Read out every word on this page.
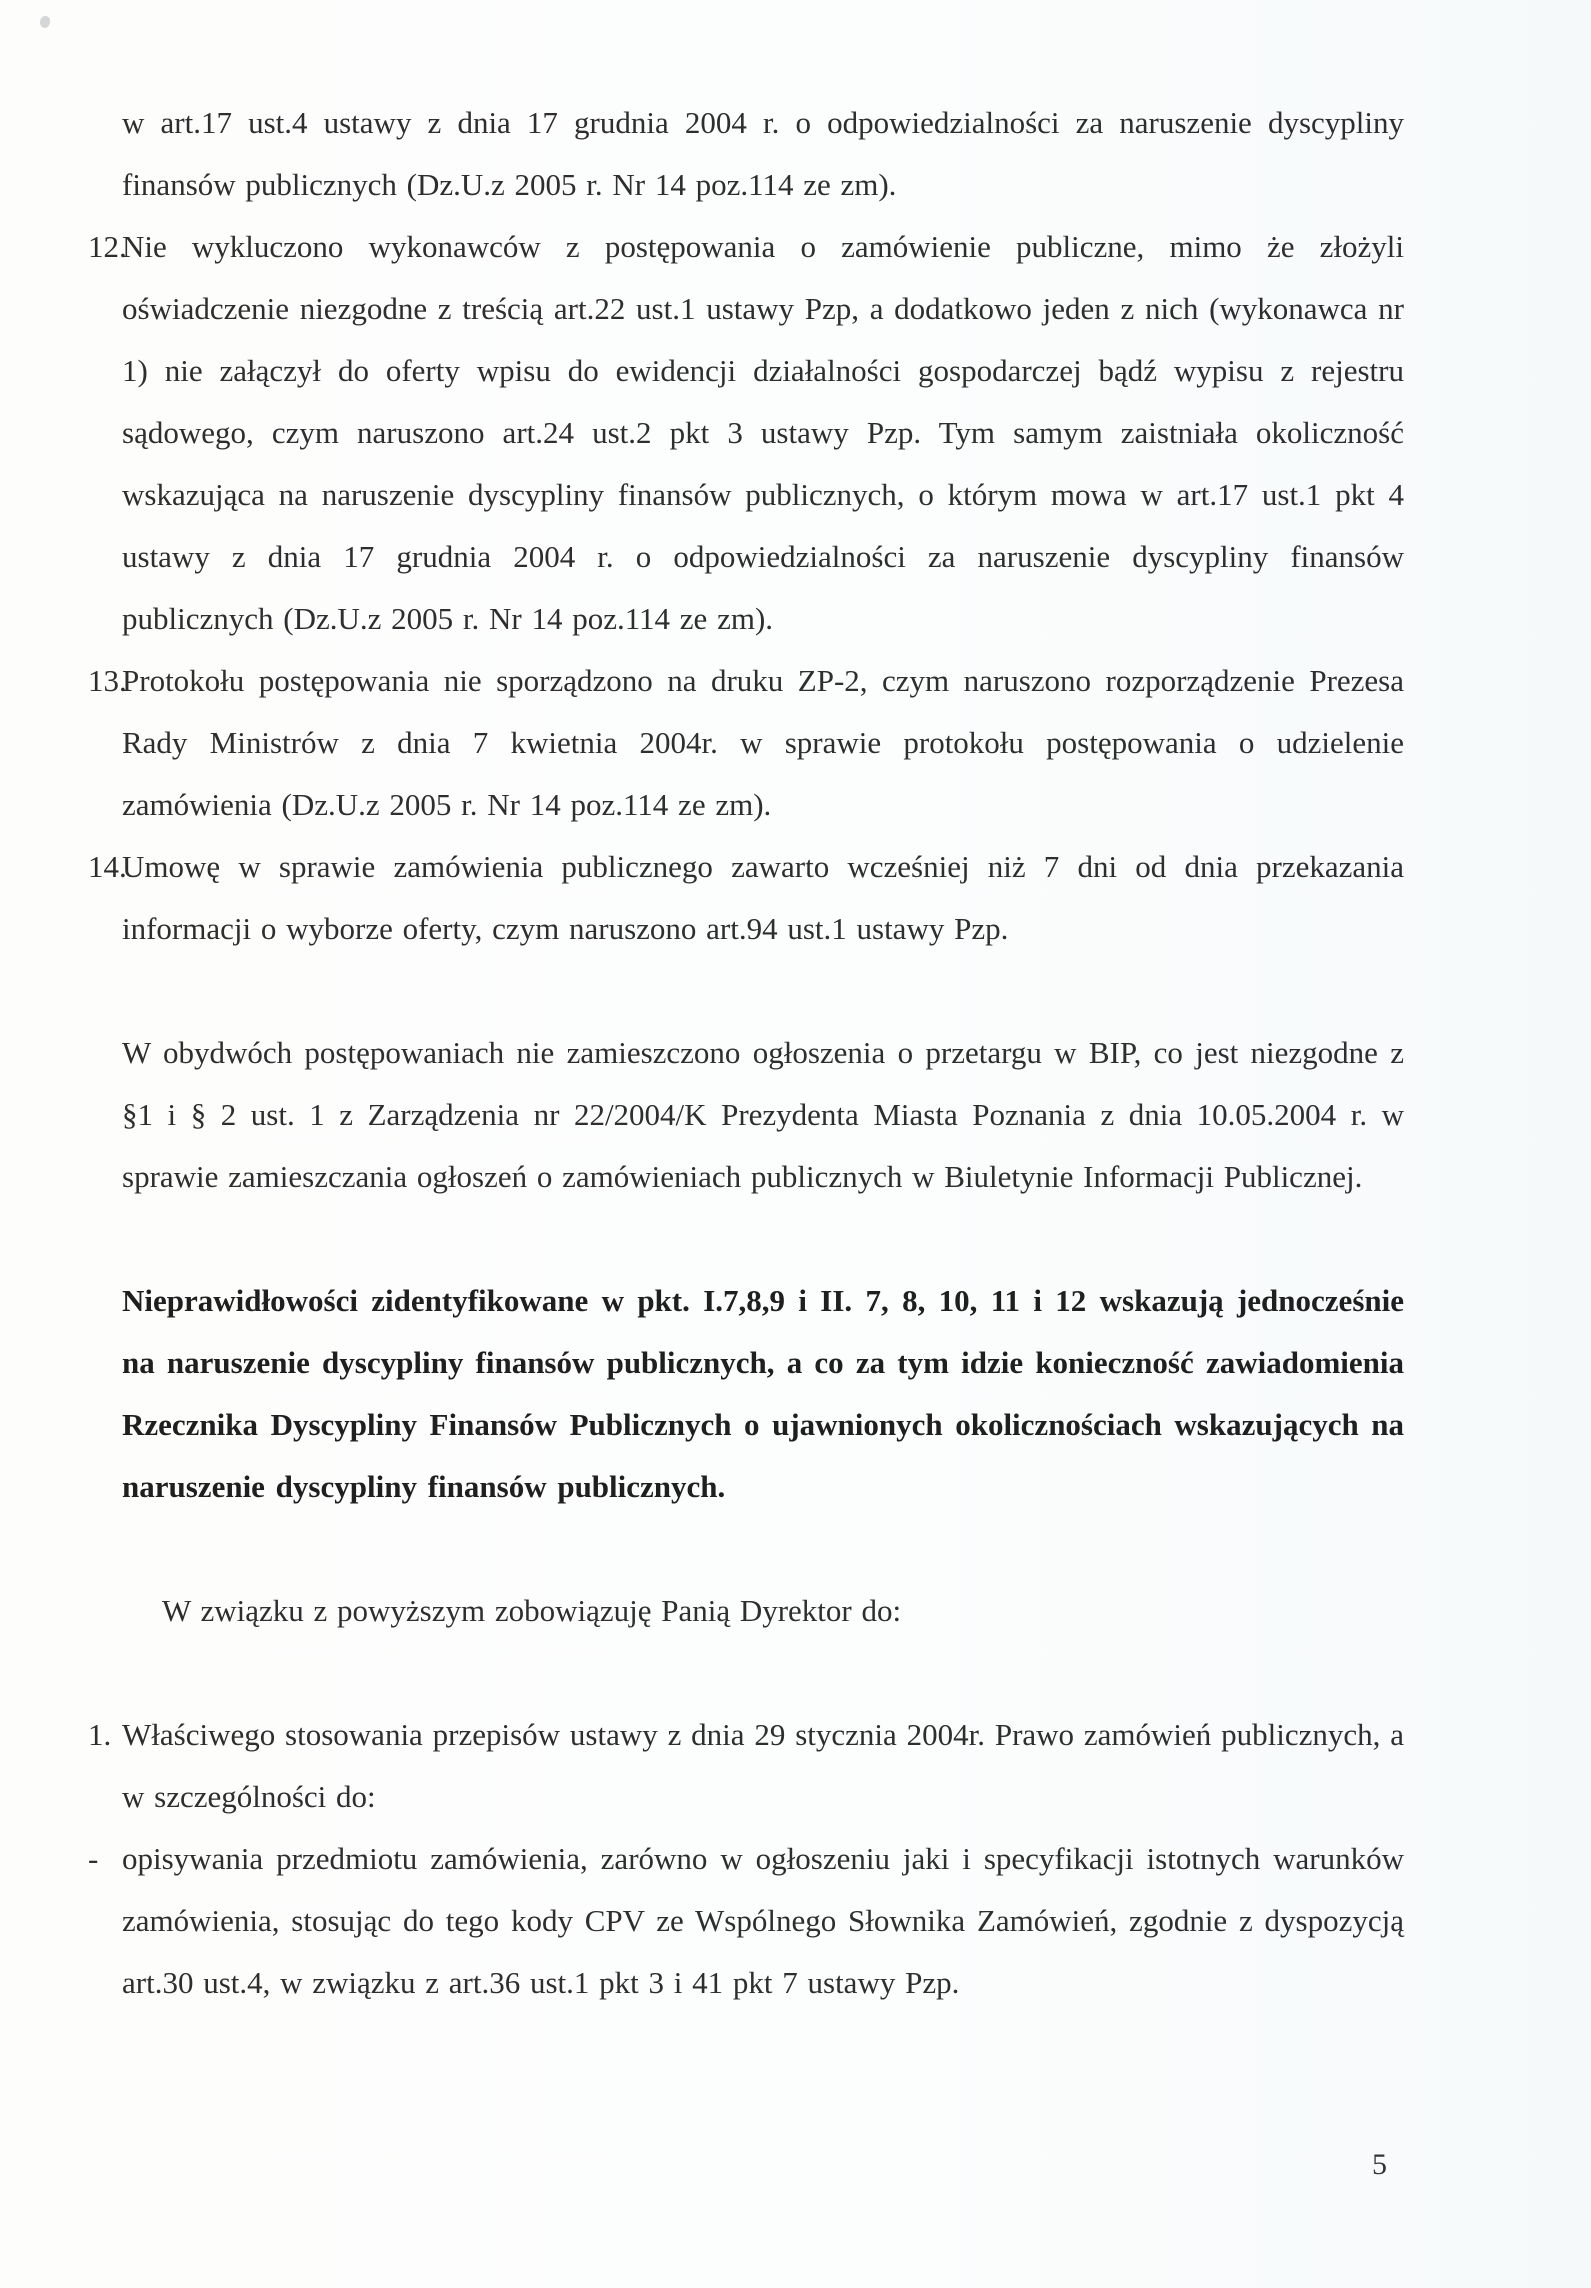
w art.17 ust.4 ustawy z dnia 17 grudnia 2004 r. o odpowiedzialności za naruszenie dyscypliny finansów publicznych (Dz.U.z 2005 r. Nr 14 poz.114 ze zm).

12.

Nie wykluczono wykonawców z postępowania o zamówienie publiczne, mimo że złożyli oświadczenie niezgodne z treścią art.22 ust.1 ustawy Pzp, a dodatkowo jeden z nich (wykonawca nr 1) nie załączył do oferty wpisu do ewidencji działalności gospodarczej bądź wypisu z rejestru sądowego, czym naruszono art.24 ust.2 pkt 3 ustawy Pzp. Tym samym zaistniała okoliczność wskazująca na naruszenie dyscypliny finansów publicznych, o którym mowa w art.17 ust.1 pkt 4 ustawy z dnia 17 grudnia 2004 r. o odpowiedzialności za naruszenie dyscypliny finansów publicznych (Dz.U.z 2005 r. Nr 14 poz.114 ze zm).

13.

Protokołu postępowania nie sporządzono na druku ZP-2, czym naruszono rozporządzenie Prezesa Rady Ministrów z dnia 7 kwietnia 2004r. w sprawie protokołu postępowania o udzielenie zamówienia (Dz.U.z 2005 r. Nr 14 poz.114 ze zm).

14.

Umowę w sprawie zamówienia publicznego zawarto wcześniej niż 7 dni od dnia przekazania informacji o wyborze oferty, czym naruszono art.94 ust.1 ustawy Pzp.

W obydwóch postępowaniach nie zamieszczono ogłoszenia o przetargu w BIP, co jest niezgodne z §1 i § 2 ust. 1 z Zarządzenia nr 22/2004/K Prezydenta Miasta Poznania z dnia 10.05.2004 r. w sprawie zamieszczania ogłoszeń o zamówieniach publicznych w Biuletynie Informacji Publicznej.

Nieprawidłowości zidentyfikowane w pkt. I.7,8,9 i II. 7, 8, 10, 11 i 12 wskazują jednocześnie na naruszenie dyscypliny finansów publicznych, a co za tym idzie konieczność zawiadomienia Rzecznika Dyscypliny Finansów Publicznych o ujawnionych okolicznościach wskazujących na naruszenie dyscypliny finansów publicznych.

W związku z powyższym zobowiązuję Panią Dyrektor do:

1. Właściwego stosowania przepisów ustawy z dnia 29 stycznia 2004r. Prawo zamówień publicznych, a w szczególności do:

- opisywania przedmiotu zamówienia, zarówno w ogłoszeniu jaki i specyfikacji istotnych warunków zamówienia, stosując do tego kody CPV ze Wspólnego Słownika Zamówień, zgodnie z dyspozycją art.30 ust.4, w związku z art.36 ust.1 pkt 3 i 41 pkt 7 ustawy Pzp.

5
